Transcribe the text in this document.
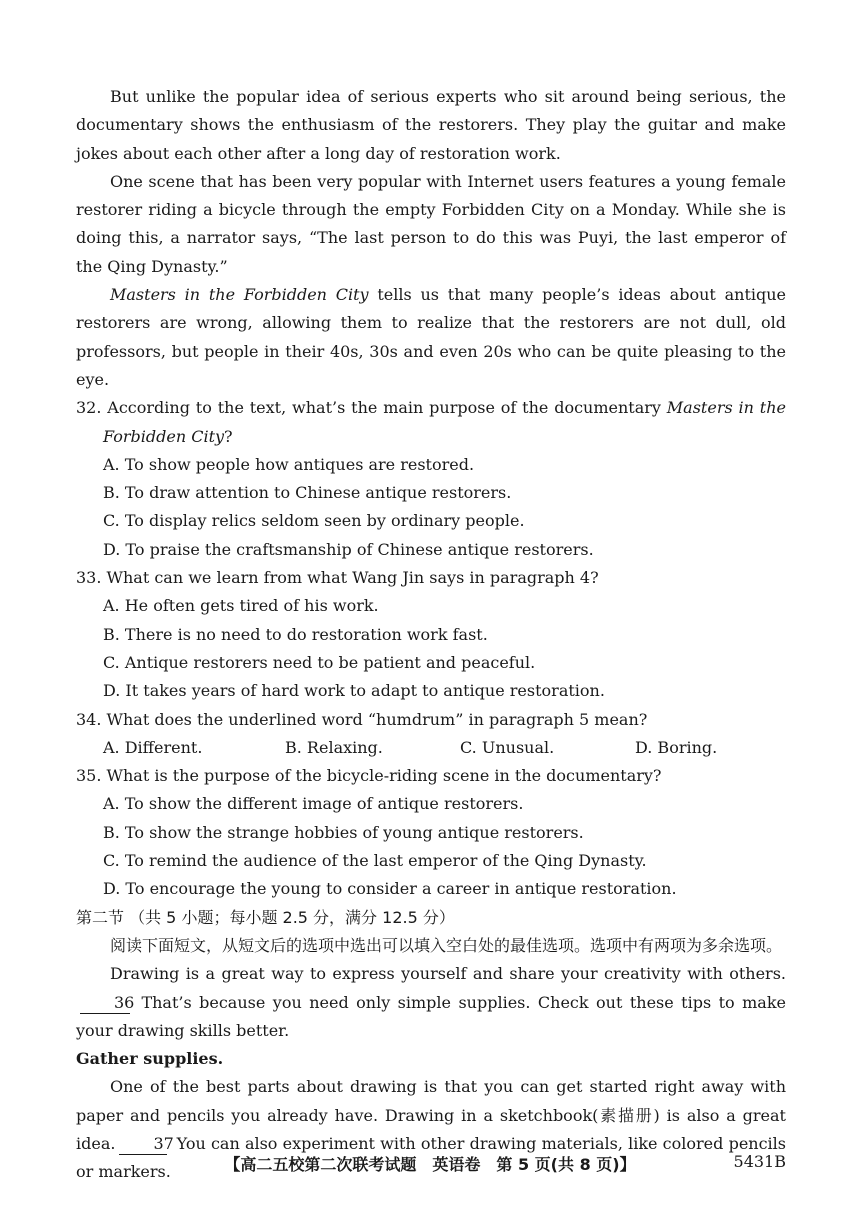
But unlike the popular idea of serious experts who sit around being serious, the documentary shows the enthusiasm of the restorers. They play the guitar and make jokes about each other after a long day of restoration work.

One scene that has been very popular with Internet users features a young female restorer riding a bicycle through the empty Forbidden City on a Monday. While she is doing this, a narrator says, “The last person to do this was Puyi, the last emperor of the Qing Dynasty.”

Masters in the Forbidden City tells us that many people’s ideas about antique restorers are wrong, allowing them to realize that the restorers are not dull, old professors, but people in their 40s, 30s and even 20s who can be quite pleasing to the eye.

32. According to the text, what’s the main purpose of the documentary Masters in the Forbidden City?

A. To show people how antiques are restored.
B. To draw attention to Chinese antique restorers.
C. To display relics seldom seen by ordinary people.
D. To praise the craftsmanship of Chinese antique restorers.

33. What can we learn from what Wang Jin says in paragraph 4?

A. He often gets tired of his work.
B. There is no need to do restoration work fast.
C. Antique restorers need to be patient and peaceful.
D. It takes years of hard work to adapt to antique restoration.

34. What does the underlined word “humdrum” in paragraph 5 mean?

A. Different.	B. Relaxing.	C. Unusual.	D. Boring.

35. What is the purpose of the bicycle-riding scene in the documentary?

A. To show the different image of antique restorers.
B. To show the strange hobbies of young antique restorers.
C. To remind the audience of the last emperor of the Qing Dynasty.
D. To encourage the young to consider a career in antique restoration.

第二节 （共 5 小题；每小题 2.5 分，满分 12.5 分）

阅读下面短文，从短文后的选项中选出可以填入空白处的最佳选项。选项中有两项为多余选项。

Drawing is a great way to express yourself and share your creativity with others.36 That’s because you need only simple supplies. Check out these tips to make your drawing skills better.

Gather supplies.

One of the best parts about drawing is that you can get started right away with paper and pencils you already have. Drawing in a sketchbook(素描册) is also a great idea. 37 You can also experiment with other drawing materials, like colored pencils or markers.	【高二五校第二次联考试题　英语卷　第 5 页(共 8 页)】	5431B
